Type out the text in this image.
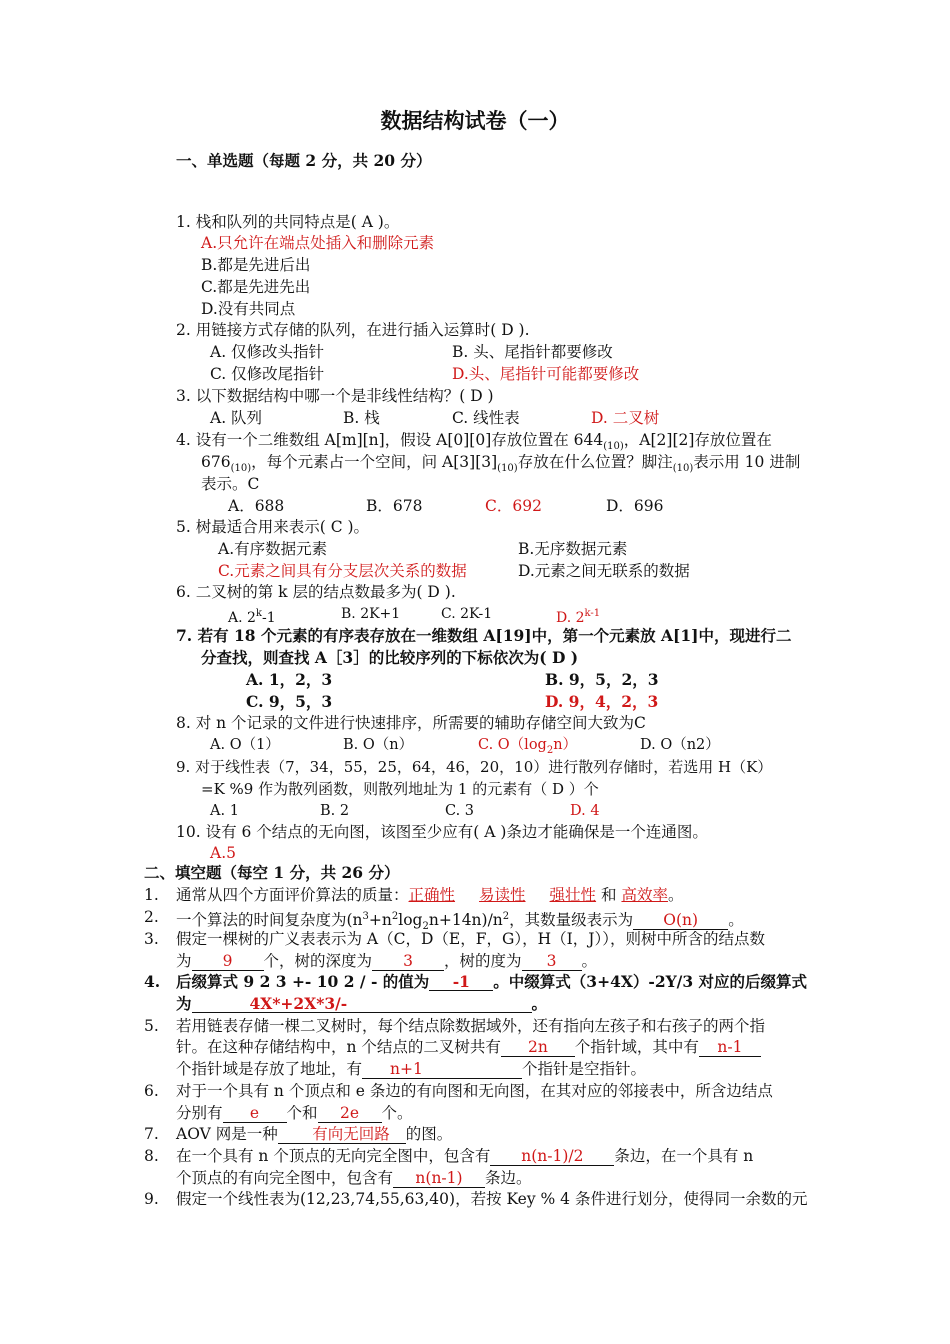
数据结构试卷（一）
一、单选题（每题 2 分，共 20 分）
1. 栈和队列的共同特点是( A )。
A.只允许在端点处插入和删除元素
B.都是先进后出
C.都是先进先出
D.没有共同点
2. 用链接方式存储的队列，在进行插入运算时( D ).
A. 仅修改头指针	B. 头、尾指针都要修改
C. 仅修改尾指针	D.头、尾指针可能都要修改
3. 以下数据结构中哪一个是非线性结构？( D )
A. 队列	B. 栈	C. 线性表	D. 二叉树
4. 设有一个二维数组 A[m][n]，假设 A[0][0]存放位置在 $644_{(10)}$，A[2][2]存放位置在
$676_{(10)}$，每个元素占一个空间，问 $A[3][3]_{(10)}$存放在什么位置？脚注$_{(10)}$表示用 10 进制
表示。C
A．688	B．678	C．692	D．696
5. 树最适合用来表示( C )。
A.有序数据元素	B.无序数据元素
C.元素之间具有分支层次关系的数据	D.元素之间无联系的数据
6. 二叉树的第 k 层的结点数最多为( D ).
A. 2$^k$-1	B. 2K+1	C. 2K-1	D. 2$^{k-1}$
7. 若有 18 个元素的有序表存放在一维数组 A[19]中，第一个元素放 A[1]中，现进行二
分查找，则查找 A［3］的比较序列的下标依次为( D )
A. 1，2，3	B. 9，5，2，3
C. 9，5，3	D. 9，4，2，3
8. 对 n 个记录的文件进行快速排序，所需要的辅助存储空间大致为C
A. O（1）	B. O（n）	C. $O(\log_2n)$	D. O（n2）
9. 对于线性表（7，34，55，25，64，46，20，10）进行散列存储时，若选用 H（K）
=K %9 作为散列函数，则散列地址为 1 的元素有（ D ）个
A. 1	B. 2	C. 3	D. 4
10. 设有 6 个结点的无向图，该图至少应有( A )条边才能确保是一个连通图。
A.5
二、填空题（每空 1 分，共 26 分）
1. 通常从四个方面评价算法的质量：正确性 易读性 强壮性 和 高效率。
2. 一个算法的时间复杂度为$(n^3+n^2\log_2n+14n)/n^2$，其数量级表示为 O(n) 。
3. 假定一棵树的广义表表示为 A（C，D（E，F，G），H（I，J）），则树中所含的结点数
为 9 个，树的深度为 3 ，树的度为 3 。
4. 后缀算式 9 2 3 +- 10 2 / - 的值为 -1 。中缀算式（3+4X）-2Y/3 对应的后缀算式
为	4X*+2X*3/-	。
5. 若用链表存储一棵二叉树时，每个结点除数据域外，还有指向左孩子和右孩子的两个指
针。在这种存储结构中，n 个结点的二叉树共有 2n 个指针域，其中有 n-1
个指针域是存放了地址，有 n+1	个指针是空指针。
6. 对于一个具有 n 个顶点和 e 条边的有向图和无向图，在其对应的邻接表中，所含边结点
分别有 e 个和 2e 个。
7. AOV 网是一种 有向无回路 的图。
8. 在一个具有 n 个顶点的无向完全图中，包含有 n(n-1)/2 条边，在一个具有 n
个顶点的有向完全图中，包含有 n(n-1) 条边。
9. 假定一个线性表为(12,23,74,55,63,40)，若按 Key % 4 条件进行划分，使得同一余数的元
